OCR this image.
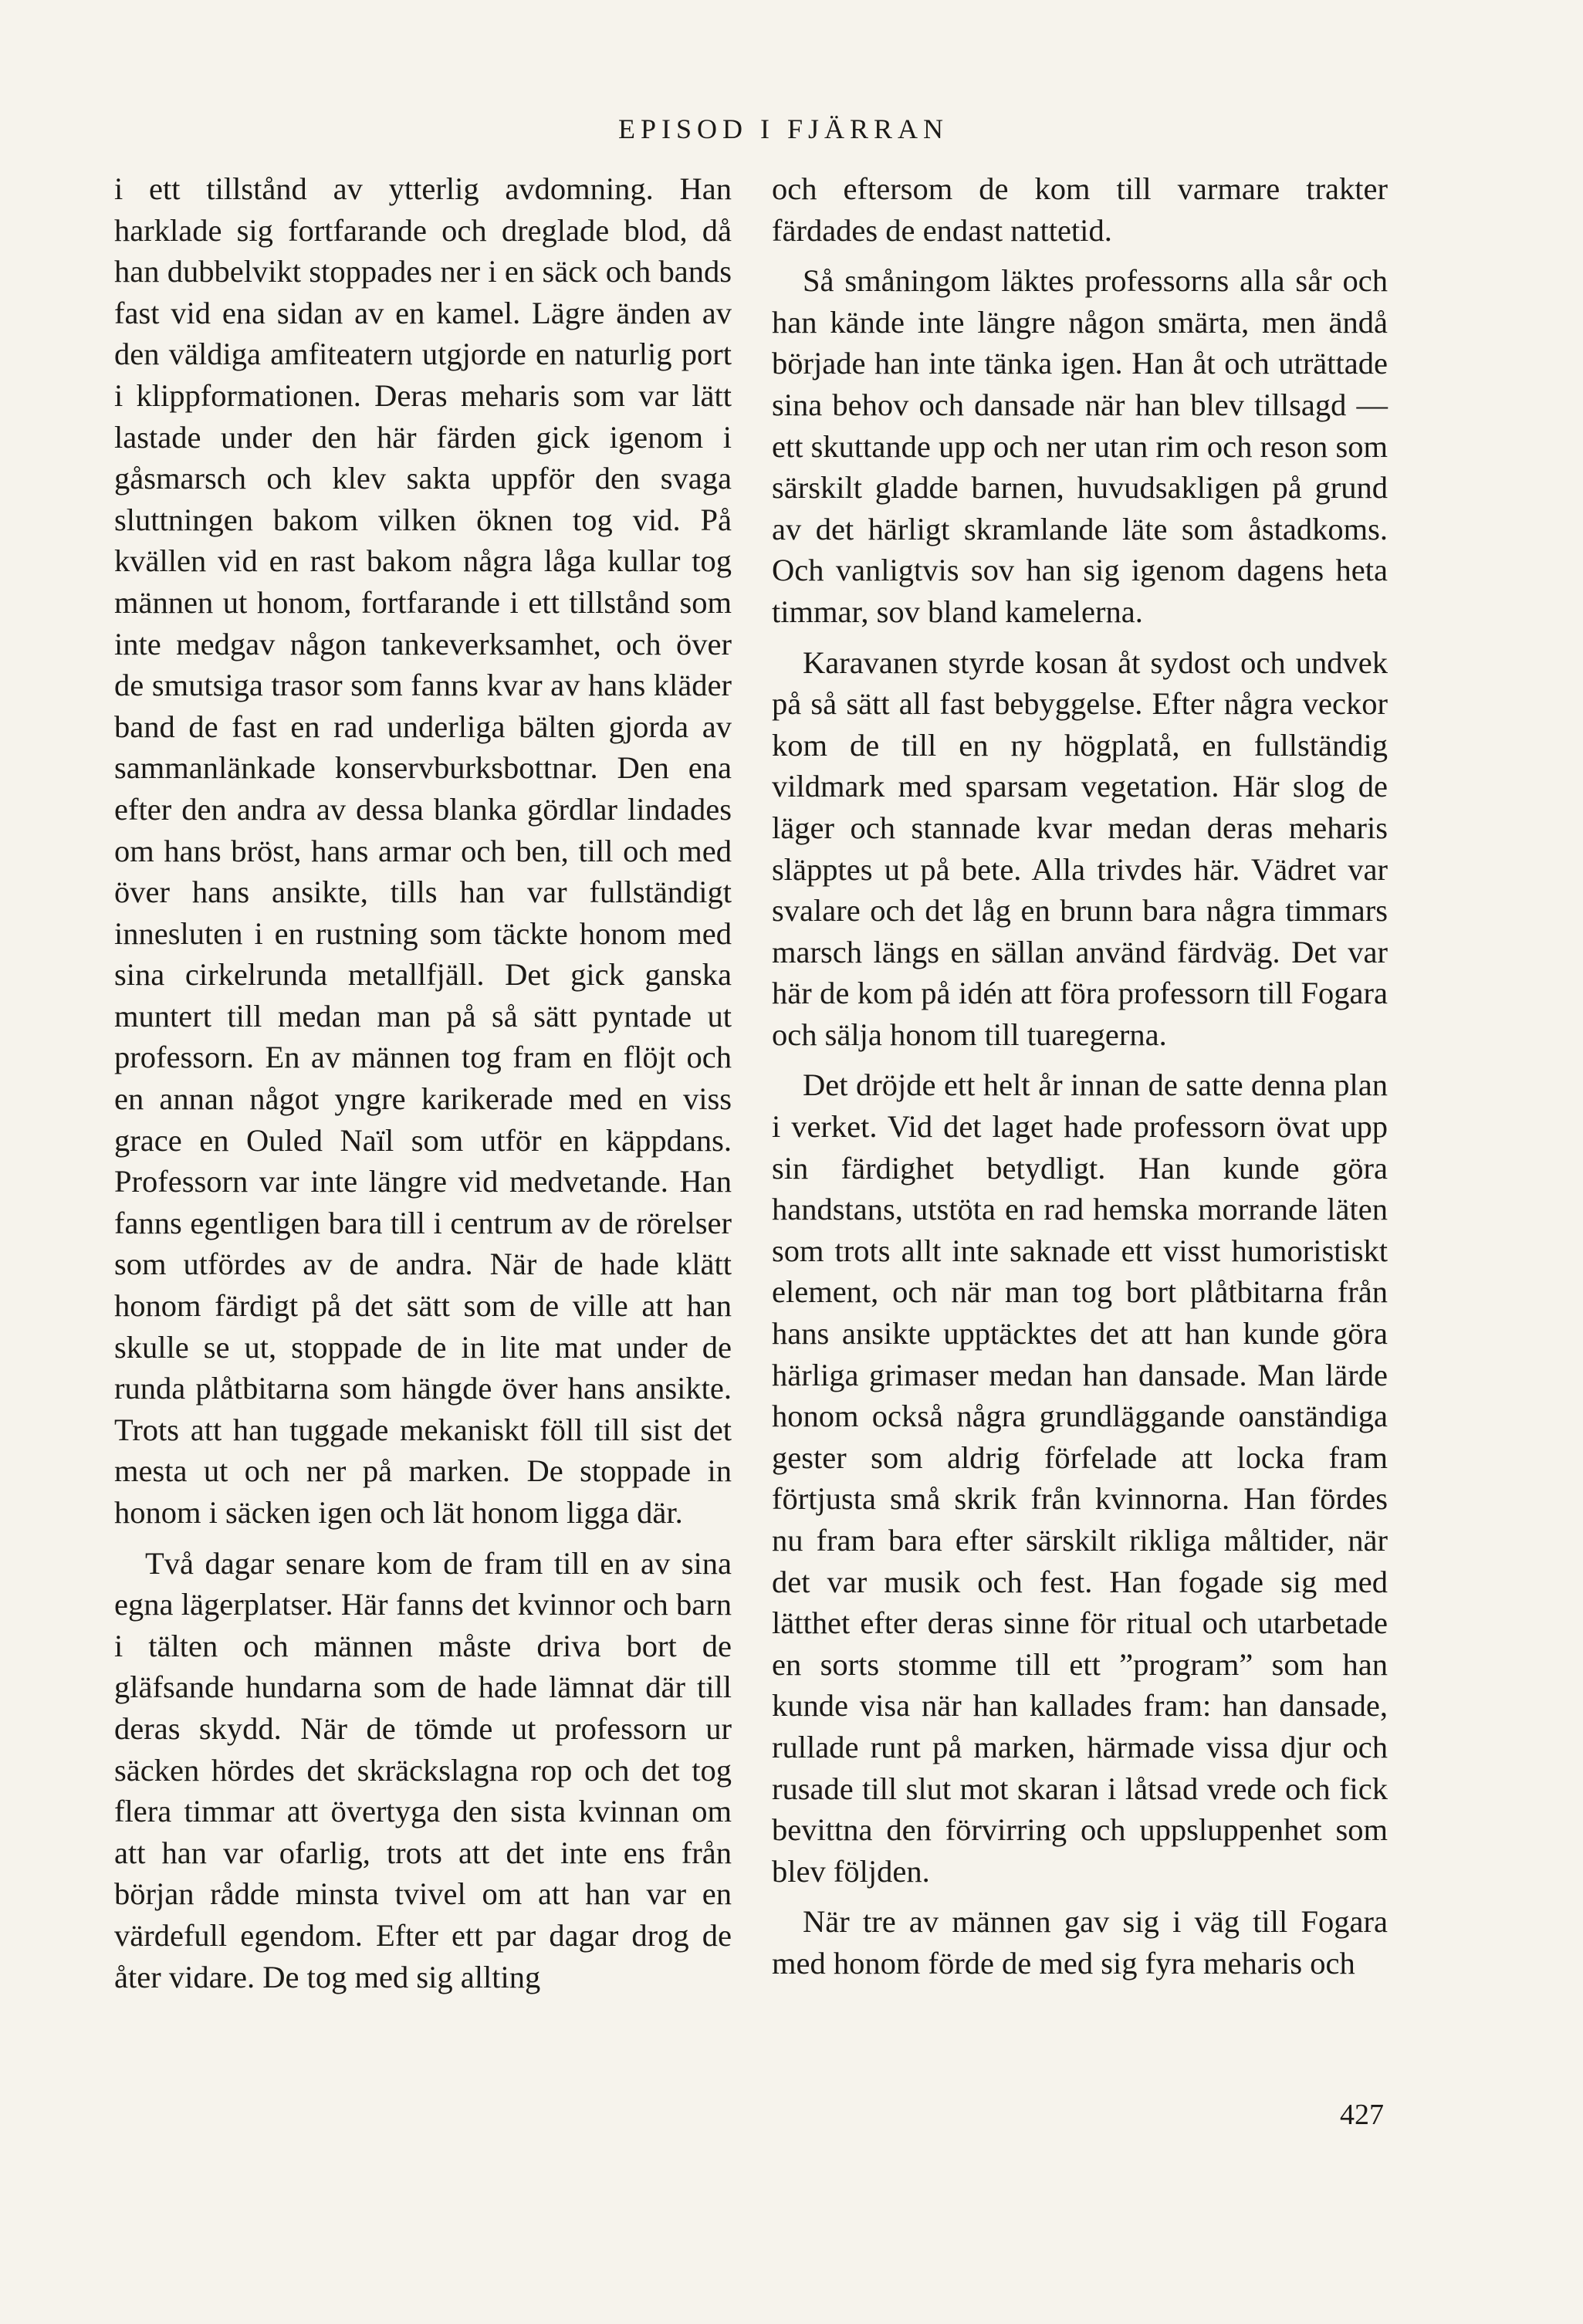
EPISOD I FJÄRRAN

i ett tillstånd av ytterlig avdomning. Han harklade sig fortfarande och dreglade blod, då han dubbelvikt stoppades ner i en säck och bands fast vid ena sidan av en kamel. Lägre änden av den väldiga amfiteatern utgjorde en naturlig port i klippformationen. Deras meharis som var lätt lastade under den här färden gick igenom i gåsmarsch och klev sakta uppför den svaga sluttningen bakom vilken öknen tog vid. På kvällen vid en rast bakom några låga kullar tog männen ut honom, fortfarande i ett tillstånd som inte medgav någon tankeverksamhet, och över de smutsiga trasor som fanns kvar av hans kläder band de fast en rad underliga bälten gjorda av sammanlänkade konservburksbottnar. Den ena efter den andra av dessa blanka gördlar lindades om hans bröst, hans armar och ben, till och med över hans ansikte, tills han var fullständigt innesluten i en rustning som täckte honom med sina cirkelrunda metallfjäll. Det gick ganska muntert till medan man på så sätt pyntade ut professorn. En av männen tog fram en flöjt och en annan något yngre karikerade med en viss grace en Ouled Naïl som utför en käppdans. Professorn var inte längre vid medvetande. Han fanns egentligen bara till i centrum av de rörelser som utfördes av de andra. När de hade klätt honom färdigt på det sätt som de ville att han skulle se ut, stoppade de in lite mat under de runda plåtbitarna som hängde över hans ansikte. Trots att han tuggade mekaniskt föll till sist det mesta ut och ner på marken. De stoppade in honom i säcken igen och lät honom ligga där.

Två dagar senare kom de fram till en av sina egna lägerplatser. Här fanns det kvinnor och barn i tälten och männen måste driva bort de gläfsande hundarna som de hade lämnat där till deras skydd. När de tömde ut professorn ur säcken hördes det skräckslagna rop och det tog flera timmar att övertyga den sista kvinnan om att han var ofarlig, trots att det inte ens från början rådde minsta tvivel om att han var en värdefull egendom. Efter ett par dagar drog de åter vidare. De tog med sig allting

och eftersom de kom till varmare trakter färdades de endast nattetid.

Så småningom läktes professorns alla sår och han kände inte längre någon smärta, men ändå började han inte tänka igen. Han åt och uträttade sina behov och dansade när han blev tillsagd — ett skuttande upp och ner utan rim och reson som särskilt gladde barnen, huvudsakligen på grund av det härligt skramlande läte som åstadkoms. Och vanligtvis sov han sig igenom dagens heta timmar, sov bland kamelerna.

Karavanen styrde kosan åt sydost och undvek på så sätt all fast bebyggelse. Efter några veckor kom de till en ny högplatå, en fullständig vildmark med sparsam vegetation. Här slog de läger och stannade kvar medan deras meharis släpptes ut på bete. Alla trivdes här. Vädret var svalare och det låg en brunn bara några timmars marsch längs en sällan använd färdväg. Det var här de kom på idén att föra professorn till Fogara och sälja honom till tuaregerna.

Det dröjde ett helt år innan de satte denna plan i verket. Vid det laget hade professorn övat upp sin färdighet betydligt. Han kunde göra handstans, utstöta en rad hemska morrande läten som trots allt inte saknade ett visst humoristiskt element, och när man tog bort plåtbitarna från hans ansikte upptäcktes det att han kunde göra härliga grimaser medan han dansade. Man lärde honom också några grundläggande oanständiga gester som aldrig förfelade att locka fram förtjusta små skrik från kvinnorna. Han fördes nu fram bara efter särskilt rikliga måltider, när det var musik och fest. Han fogade sig med lätthet efter deras sinne för ritual och utarbetade en sorts stomme till ett ”program” som han kunde visa när han kallades fram: han dansade, rullade runt på marken, härmade vissa djur och rusade till slut mot skaran i låtsad vrede och fick bevittna den förvirring och uppsluppenhet som blev följden.

När tre av männen gav sig i väg till Fogara med honom förde de med sig fyra meharis och

427
